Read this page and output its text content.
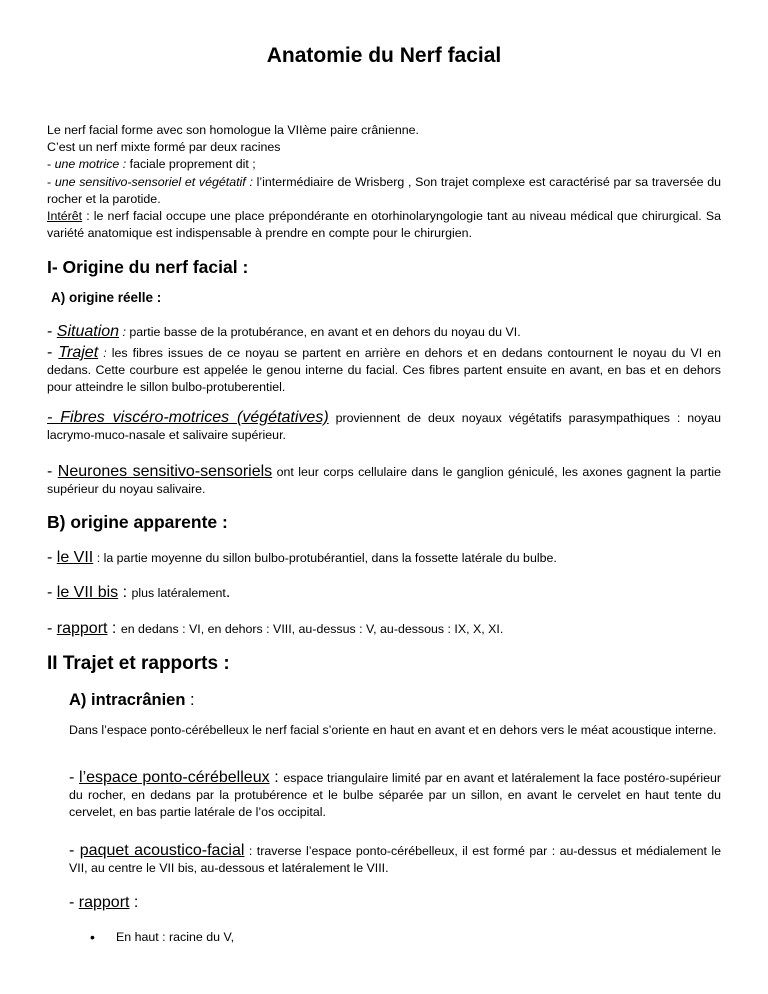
Anatomie du Nerf facial
Le nerf facial forme avec son homologue la VIIème paire crânienne.
C’est un nerf mixte formé par deux racines
- une motrice : faciale proprement dit ;
- une sensitivo-sensoriel et végétatif : l’intermédiaire de Wrisberg , Son trajet complexe est caractérisé par sa traversée du rocher et la parotide.
Intérêt : le nerf facial occupe une place prépondérante en otorhinolaryngologie tant au niveau médical que chirurgical. Sa variété anatomique est indispensable à prendre en compte pour le chirurgien.
I- Origine du nerf facial :
A) origine réelle :
- Situation : partie basse de la protubérance, en avant et en dehors du noyau du VI.
- Trajet : les fibres issues de ce noyau se partent en arrière en dehors et en dedans contournent le noyau du VI en dedans. Cette courbure est appelée le genou interne du facial. Ces fibres partent ensuite en avant, en bas et en dehors pour atteindre le sillon bulbo-protuberentiel.
- Fibres viscéro-motrices (végétatives) proviennent de deux noyaux végétatifs parasympathiques : noyau lacrymo-muco-nasale et salivaire supérieur.
- Neurones sensitivo-sensoriels ont leur corps cellulaire dans le ganglion géniculé, les axones gagnent la partie supérieur du noyau salivaire.
B) origine apparente :
- le VII : la partie moyenne du sillon bulbo-protubérantiel, dans la fossette latérale du bulbe.
- le VII bis : plus latéralement.
- rapport : en dedans : VI, en dehors : VIII, au-dessus : V, au-dessous : IX, X, XI.
II Trajet et rapports :
A) intracrânien :
Dans l’espace ponto-cérébelleux le nerf facial s’oriente en haut en avant et en dehors vers le méat acoustique interne.
- l’espace ponto-cérébelleux : espace triangulaire limité par en avant et latéralement la face postéro-supérieur du rocher, en dedans par la protubérence et le bulbe séparée par un sillon, en avant le cervelet en haut tente du cervelet, en bas partie latérale de l’os occipital.
- paquet acoustico-facial : traverse l’espace ponto-cérébelleux, il est formé par : au-dessus et médialement le VII, au centre le VII bis, au-dessous et latéralement le VIII.
- rapport :
• En haut : racine du V,
